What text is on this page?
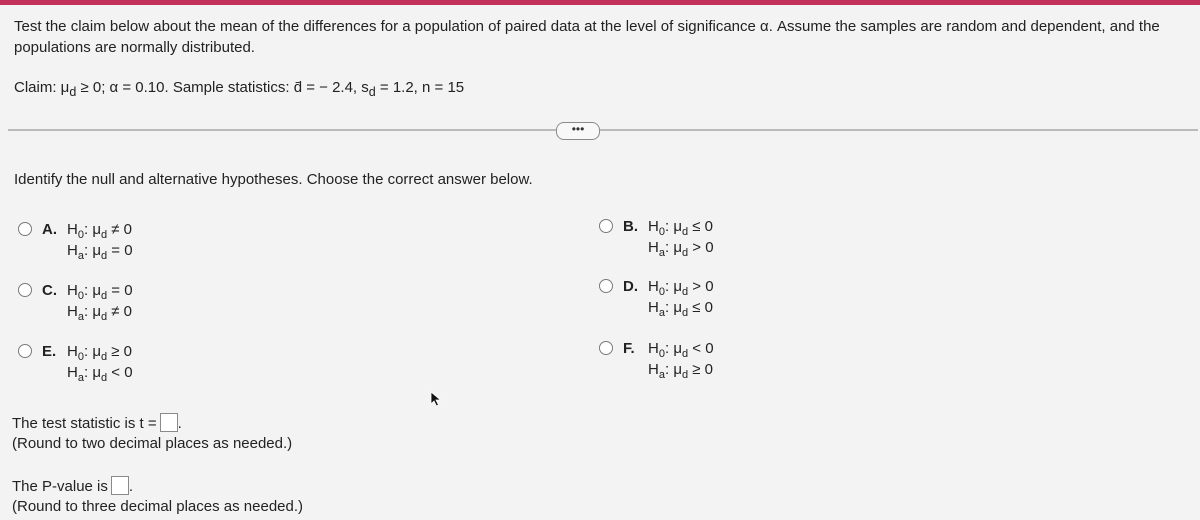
Test the claim below about the mean of the differences for a population of paired data at the level of significance α. Assume the samples are random and dependent, and the populations are normally distributed.
Claim: $\mu_d \ge 0$; α = 0.10. Sample statistics: d̄ = − 2.4, $s_d = 1.2$, n = 15
•••
Identify the null and alternative hypotheses. Choose the correct answer below.
A. $H_0$: $\mu_d \ne 0$
$H_a$: $\mu_d = 0$
B. $H_0$: $\mu_d \le 0$
$H_a$: $\mu_d > 0$
C. $H_0$: $\mu_d = 0$
$H_a$: $\mu_d \ne 0$
D. $H_0$: $\mu_d > 0$
$H_a$: $\mu_d \le 0$
E. $H_0$: $\mu_d \ge 0$
$H_a$: $\mu_d < 0$
F. $H_0$: $\mu_d < 0$
$H_a$: $\mu_d \ge 0$
The test statistic is t = .
(Round to two decimal places as needed.)
The P-value is .
(Round to three decimal places as needed.)
